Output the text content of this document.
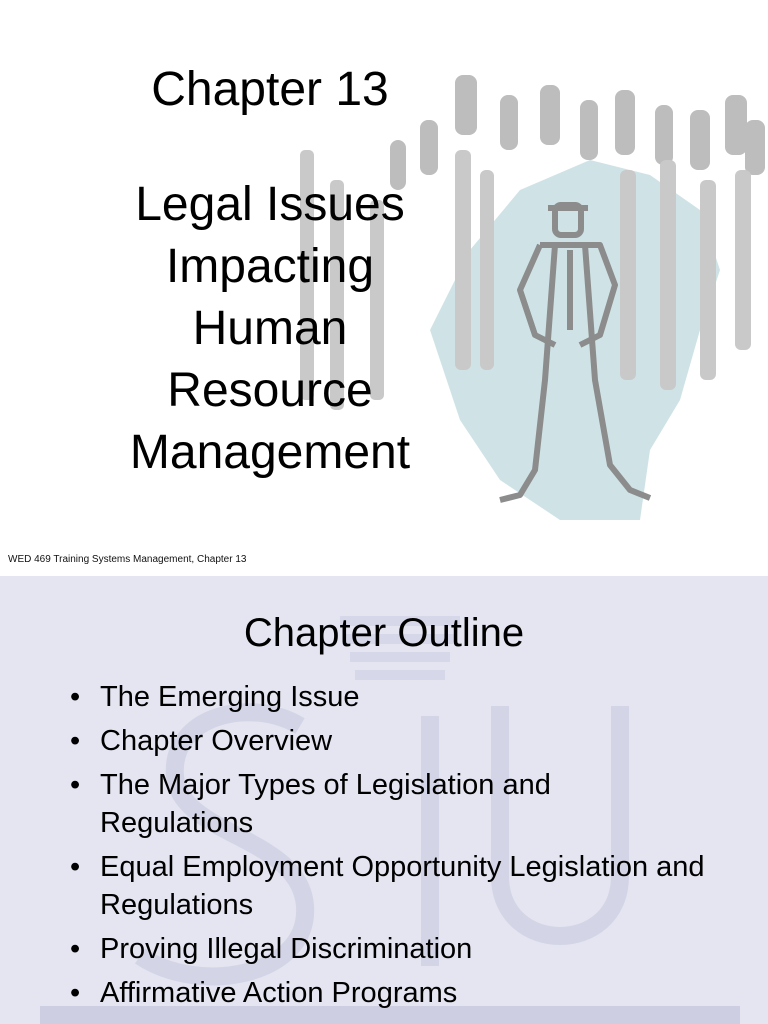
Chapter 13
Legal Issues
Impacting
Human
Resource
Management
WED 469 Training Systems Management, Chapter 13
Chapter Outline
• The Emerging Issue
• Chapter Overview
• The Major Types of Legislation and Regulations
• Equal Employment Opportunity Legislation and Regulations
• Proving Illegal Discrimination
• Affirmative Action Programs
